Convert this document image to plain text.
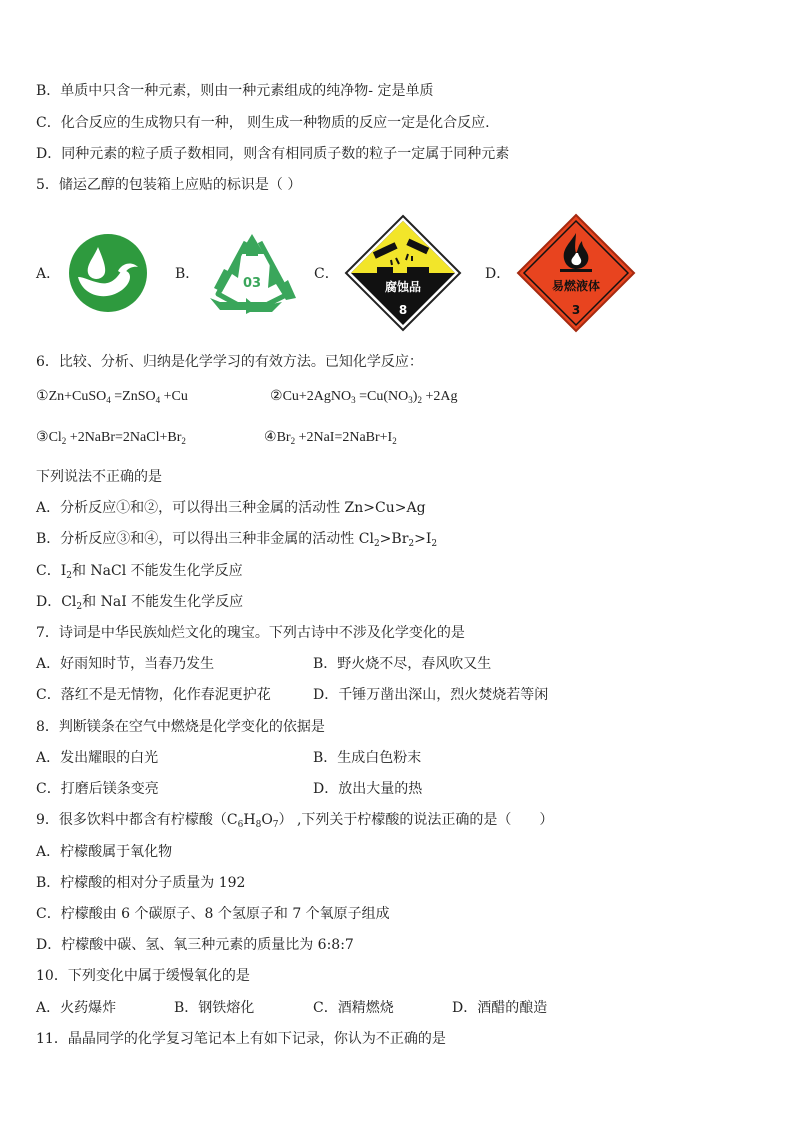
B．单质中只含一种元素，则由一种元素组成的纯净物- 定是单质
C．化合反应的生成物只有一种， 则生成一种物质的反应一定是化合反应.
D．同种元素的粒子质子数相同，则含有相同质子数的粒子一定属于同种元素
5．储运乙醇的包装箱上应贴的标识是（ ）
A．	B．
03
C．
腐蚀品
8
D．
易燃液体
3
6．比较、分析、归纳是化学学习的有效方法。已知化学反应：
①Zn+CuSO$_4$ =ZnSO$_4$ +Cu	②Cu+2AgNO$_3$ $=Cu(NO_3)_2 +2Ag$
$③Cl_2$ $+2NaBr=2NaCl+Br_2$	$④Br_2$ $+2NaI=2NaBr+I_2$
下列说法不正确的是
A．分析反应①和②，可以得出三种金属的活动性 Zn>Cu>Ag
B．分析反应③和④，可以得出三种非金属的活动性 $Cl_2>Br_2>I_2$
C．$I_2$和 NaCl 不能发生化学反应
D．$Cl_2$和 NaI 不能发生化学反应
7．诗词是中华民族灿烂文化的瑰宝。下列古诗中不涉及化学变化的是
A．好雨知时节，当春乃发生	B．野火烧不尽，春风吹又生
C．落红不是无情物，化作春泥更护花	D．千锤万凿出深山，烈火焚烧若等闲
8．判断镁条在空气中燃烧是化学变化的依据是
A．发出耀眼的白光	B．生成白色粉末
C．打磨后镁条变亮	D．放出大量的热
9．很多饮料中都含有柠檬酸$(C_6H_8O_7)$ ,下列关于柠檬酸的说法正确的是（　　）
A．柠檬酸属于氧化物
B．柠檬酸的相对分子质量为 192
C．柠檬酸由 6 个碳原子、8 个氢原子和 7 个氧原子组成
D．柠檬酸中碳、氢、氧三种元素的质量比为 6:8:7
10．下列变化中属于缓慢氧化的是
A．火药爆炸	B．钢铁熔化	C．酒精燃烧	D．酒醋的酿造
11．晶晶同学的化学复习笔记本上有如下记录，你认为不正确的是
